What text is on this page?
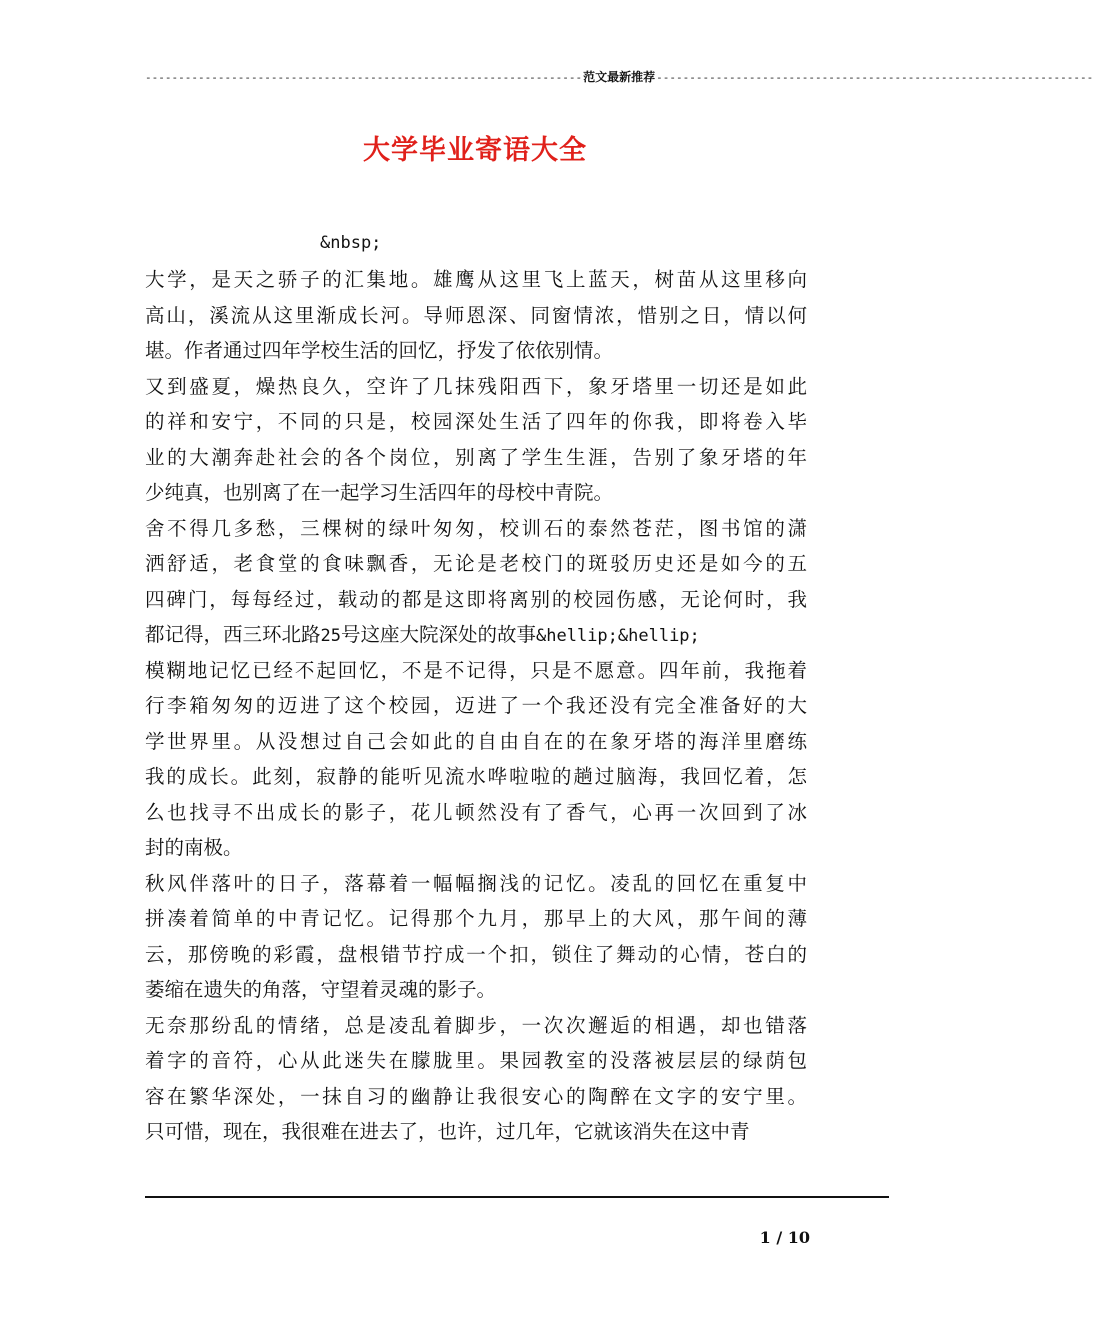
------------------------------------------------------------------范文最新推荐------------------------------------------------------------------
大学毕业寄语大全
&nbsp;
大学，是天之骄子的汇集地。雄鹰从这里飞上蓝天，树苗从这里移向
高山，溪流从这里渐成长河。导师恩深、同窗情浓，惜别之日，情以何
堪。作者通过四年学校生活的回忆，抒发了依依别情。
又到盛夏，燥热良久，空许了几抹残阳西下，象牙塔里一切还是如此
的祥和安宁，不同的只是，校园深处生活了四年的你我，即将卷入毕
业的大潮奔赴社会的各个岗位，别离了学生生涯，告别了象牙塔的年
少纯真，也别离了在一起学习生活四年的母校中青院。
舍不得几多愁，三棵树的绿叶匆匆，校训石的泰然苍茫，图书馆的潇
洒舒适，老食堂的食味飘香，无论是老校门的斑驳历史还是如今的五
四碑门，每每经过，载动的都是这即将离别的校园伤感，无论何时，我
都记得，西三环北路25号这座大院深处的故事&hellip;&hellip;
模糊地记忆已经不起回忆，不是不记得，只是不愿意。四年前，我拖着
行李箱匆匆的迈进了这个校园，迈进了一个我还没有完全准备好的大
学世界里。从没想过自己会如此的自由自在的在象牙塔的海洋里磨练
我的成长。此刻，寂静的能听见流水哗啦啦的趟过脑海，我回忆着，怎
么也找寻不出成长的影子，花儿顿然没有了香气，心再一次回到了冰
封的南极。
秋风伴落叶的日子，落幕着一幅幅搁浅的记忆。凌乱的回忆在重复中
拼凑着简单的中青记忆。记得那个九月，那早上的大风，那午间的薄
云，那傍晚的彩霞，盘根错节拧成一个扣，锁住了舞动的心情，苍白的
萎缩在遗失的角落，守望着灵魂的影子。
无奈那纷乱的情绪，总是凌乱着脚步，一次次邂逅的相遇，却也错落
着字的音符，心从此迷失在朦胧里。果园教室的没落被层层的绿荫包
容在繁华深处，一抹自习的幽静让我很安心的陶醉在文字的安宁里。
只可惜，现在，我很难在进去了，也许，过几年，它就该消失在这中青
1 / 10
